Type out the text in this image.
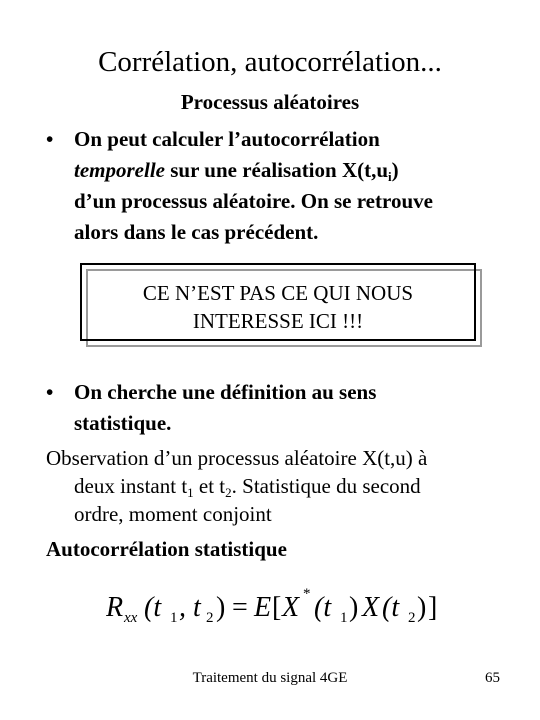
Corrélation, autocorrélation...
Processus aléatoires
• On peut calculer l’autocorrélation
temporelle sur une réalisation $X(t,u_i)$
d’un processus aléatoire. On se retrouve
alors dans le cas précédent.
CE N’EST PAS CE QUI NOUS
INTERESSE ICI !!!
• On cherche une définition au sens
statistique.
Observation d’un processus aléatoire X(t,u) à
deux instant $t_1$ et $t_2$. Statistique du second
ordre, moment conjoint
Autocorrélation statistique
R xx (t 1 , t 2 ) = E [ X * (t 1 ) X (t 2 ) ]
Traitement du signal 4GE	65
